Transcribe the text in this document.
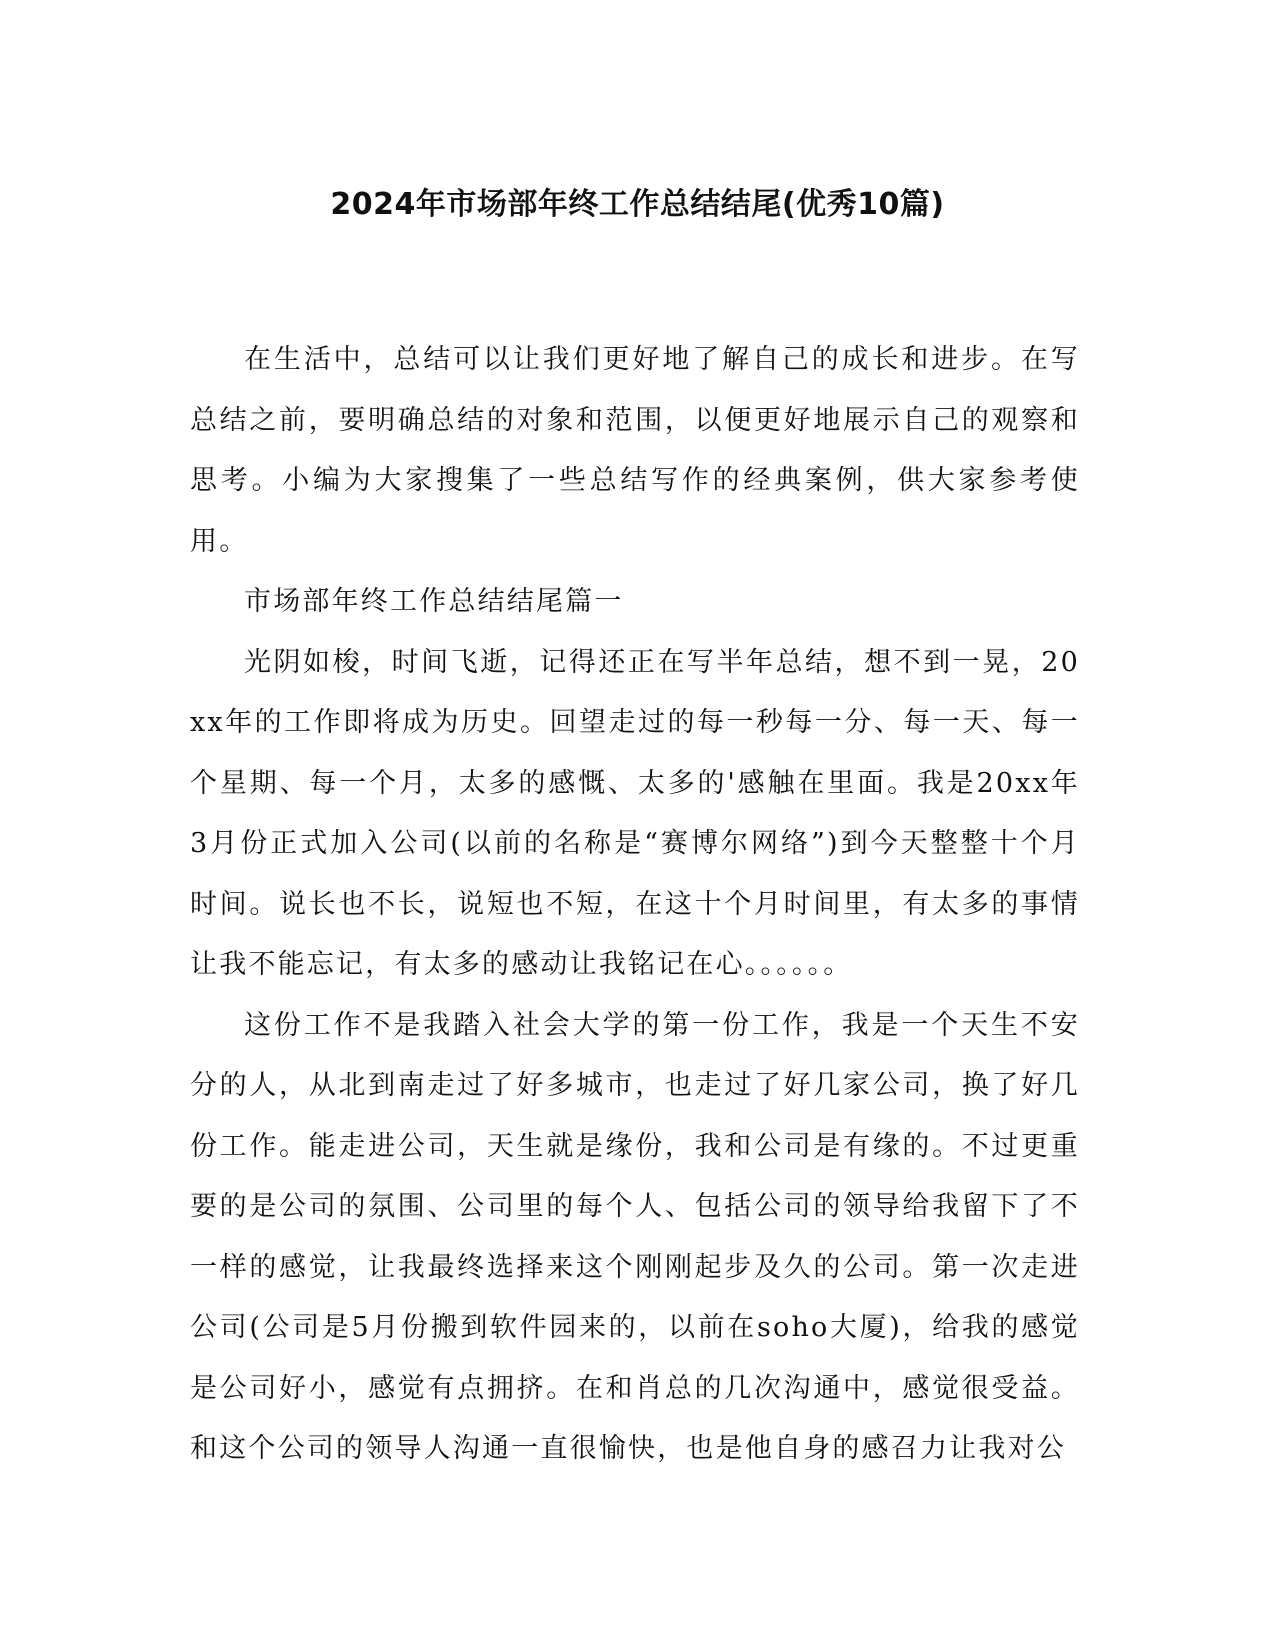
2024年市场部年终工作总结结尾(优秀10篇)

在生活中，总结可以让我们更好地了解自己的成长和进步。在写总结之前，要明确总结的对象和范围，以便更好地展示自己的观察和思考。小编为大家搜集了一些总结写作的经典案例，供大家参考使用。

市场部年终工作总结结尾篇一

光阴如梭，时间飞逝，记得还正在写半年总结，想不到一晃，20xx年的工作即将成为历史。回望走过的每一秒每一分、每一天、每一个星期、每一个月，太多的感慨、太多的'感触在里面。我是20xx年3月份正式加入公司(以前的名称是“赛博尔网络”)到今天整整十个月时间。说长也不长，说短也不短，在这十个月时间里，有太多的事情让我不能忘记，有太多的感动让我铭记在心。。。。。。

这份工作不是我踏入社会大学的第一份工作，我是一个天生不安分的人，从北到南走过了好多城市，也走过了好几家公司，换了好几份工作。能走进公司，天生就是缘份，我和公司是有缘的。不过更重要的是公司的氛围、公司里的每个人、包括公司的领导给我留下了不一样的感觉，让我最终选择来这个刚刚起步及久的公司。第一次走进公司(公司是5月份搬到软件园来的，以前在soho大厦)，给我的感觉是公司好小，感觉有点拥挤。在和肖总的几次沟通中，感觉很受益。和这个公司的领导人沟通一直很愉快，也是他自身的感召力让我对公
